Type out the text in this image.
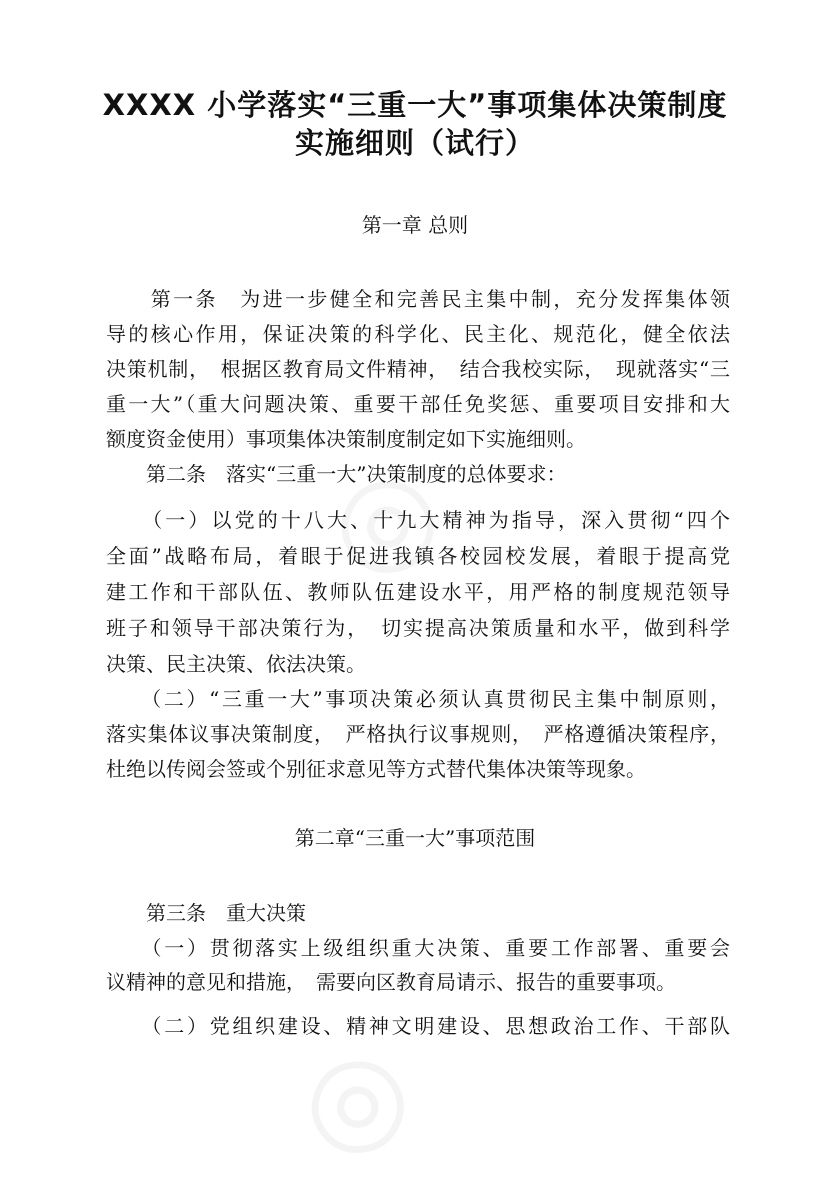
XXXX 小学落实“三重一大”事项集体决策制度
实施细则（试行）
第一章 总则
　　第一条　为进一步健全和完善民主集中制，充分发挥集体领
导的核心作用，保证决策的科学化、民主化、规范化，健全依法
决策机制，　根据区教育局文件精神，　结合我校实际，　现就落实“三
重一大”（重大问题决策、重要干部任免奖惩、重要项目安排和大
额度资金使用）事项集体决策制度制定如下实施细则。
　　第二条　落实“三重一大”决策制度的总体要求：
　　（一）以党的十八大、十九大精神为指导，深入贯彻“四个
全面”战略布局，着眼于促进我镇各校园校发展，着眼于提高党
建工作和干部队伍、教师队伍建设水平，用严格的制度规范领导
班子和领导干部决策行为，　切实提高决策质量和水平，做到科学
决策、民主决策、依法决策。
　　（二）“三重一大”事项决策必须认真贯彻民主集中制原则，
落实集体议事决策制度，　严格执行议事规则，　严格遵循决策程序，
杜绝以传阅会签或个别征求意见等方式替代集体决策等现象。
第二章“三重一大”事项范围
　　第三条　重大决策
　　（一）贯彻落实上级组织重大决策、重要工作部署、重要会
议精神的意见和措施，　需要向区教育局请示、报告的重要事项。
　　（二）党组织建设、精神文明建设、思想政治工作、干部队
